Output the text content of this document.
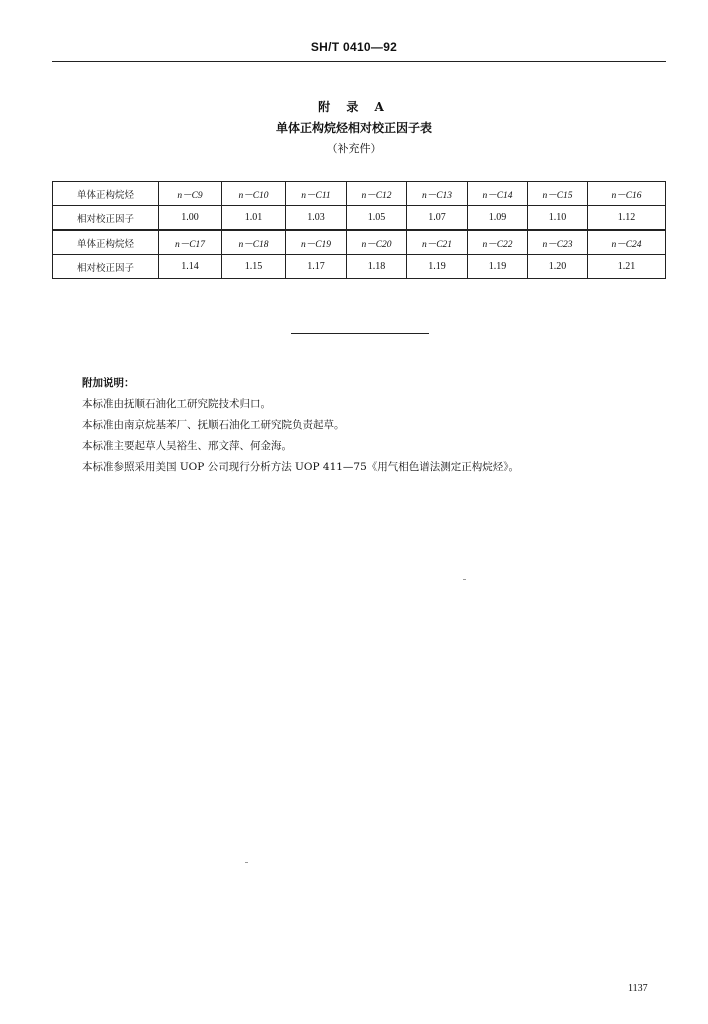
SH/T 0410—92
附 录 A
单体正构烷烃相对校正因子表
（补充件）
单体正构烷烃	n－C9	n－C10	n－C11	n－C12	n－C13	n－C14	n－C15	n－C16
相对校正因子	1.00	1.01	1.03	1.05	1.07	1.09	1.10	1.12
单体正构烷烃	n－C17	n－C18	n－C19	n－C20	n－C21	n－C22	n－C23	n－C24
相对校正因子	1.14	1.15	1.17	1.18	1.19	1.19	1.20	1.21
附加说明：
本标准由抚顺石油化工研究院技术归口。
本标准由南京烷基苯厂、抚顺石油化工研究院负责起草。
本标准主要起草人吴裕生、邢文萍、何金海。
本标准参照采用美国 UOP 公司现行分析方法 UOP 411—75《用气相色谱法测定正构烷烃》。
1137
